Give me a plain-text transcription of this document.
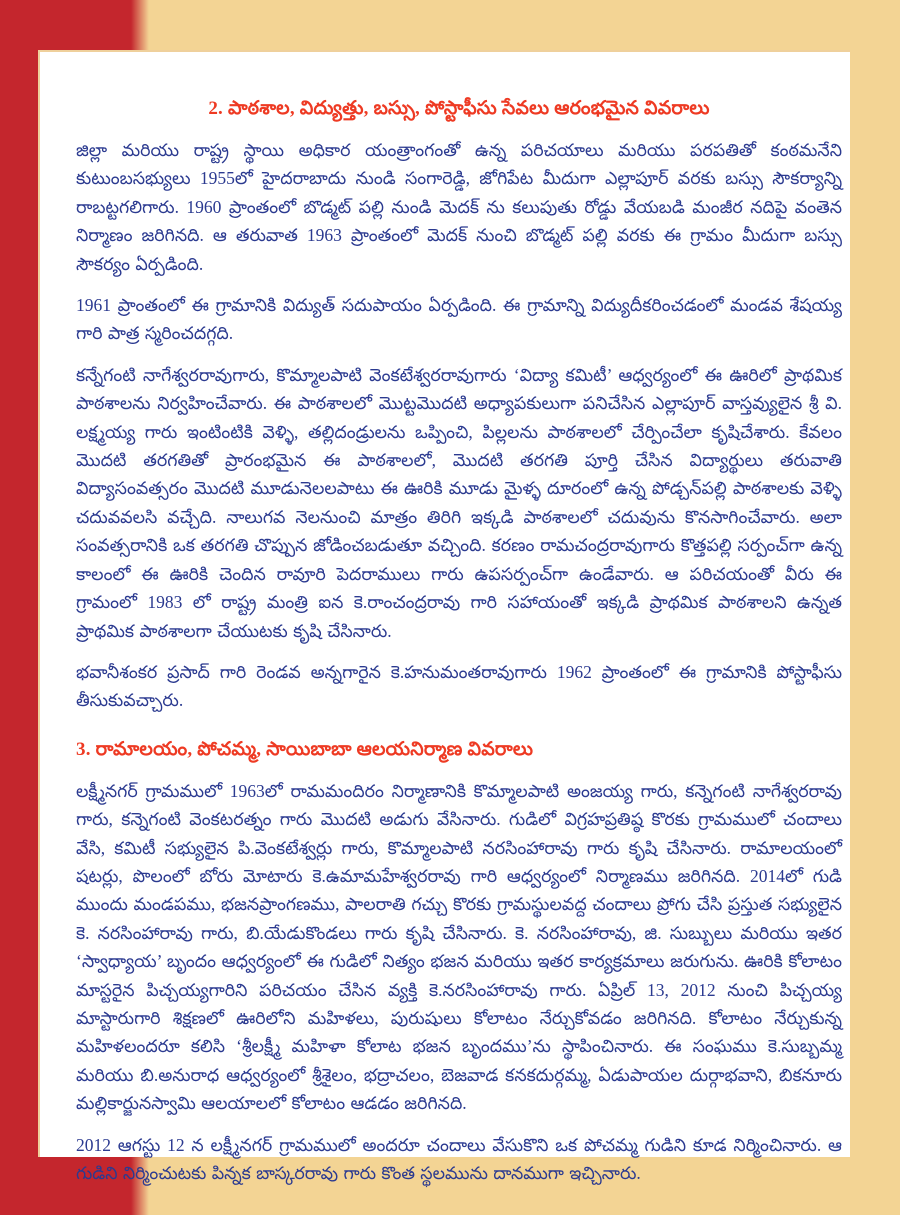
2. పాఠశాల, విద్యుత్తు, బస్సు, పోస్టాఫీసు సేవలు ఆరంభమైన వివరాలు

జిల్లా మరియు రాష్ట్ర స్థాయి అధికార యంత్రాంగంతో ఉన్న పరిచయాలు మరియు పరపతితో కంఠమనేని కుటుంబసభ్యులు 1955లో హైదరాబాదు నుండి సంగారెడ్డి, జోగిపేట మీదుగా ఎల్లాపూర్ వరకు బస్సు సౌకర్యాన్ని రాబట్టగలిగారు. 1960 ప్రాంతంలో బొడ్మట్ పల్లి నుండి మెదక్ ను కలుపుతు రోడ్డు వేయబడి మంజీర నదిపై వంతెన నిర్మాణం జరిగినది. ఆ తరువాత 1963 ప్రాంతంలో మెదక్ నుంచి బొడ్మట్ పల్లి వరకు ఈ గ్రామం మీదుగా బస్సు సౌకర్యం ఏర్పడింది.

1961 ప్రాంతంలో ఈ గ్రామానికి విద్యుత్ సదుపాయం ఏర్పడింది. ఈ గ్రామాన్ని విద్యుదీకరించడంలో మండవ శేషయ్య గారి పాత్ర స్మరించదగ్గది.

కన్నేగంటి నాగేశ్వరరావుగారు, కొమ్మాలపాటి వెంకటేశ్వరరావుగారు ‘విద్యా కమిటీ’ ఆధ్వర్యంలో ఈ ఊరిలో ప్రాథమిక పాఠశాలను నిర్వహించేవారు. ఈ పాఠశాలలో మొట్టమొదటి అధ్యాపకులుగా పనిచేసిన ఎల్లాపూర్ వాస్తవ్యులైన శ్రీ వి. లక్ష్మయ్య గారు ఇంటింటికి వెళ్ళి, తల్లిదండ్రులను ఒప్పించి, పిల్లలను పాఠశాలలో చేర్పించేలా కృషిచేశారు. కేవలం మొదటి తరగతితో ప్రారంభమైన ఈ పాఠశాలలో, మొదటి తరగతి పూర్తి చేసిన విద్యార్థులు తరువాతి విద్యాసంవత్సరం మొదటి మూడునెలలపాటు ఈ ఊరికి మూడు మైళ్ళ దూరంలో ఉన్న పోడ్చన్‌పల్లి పాఠశాలకు వెళ్ళి చదువవలసి వచ్చేది. నాలుగవ నెలనుంచి మాత్రం తిరిగి ఇక్కడి పాఠశాలలో చదువును కొనసాగించేవారు. అలా సంవత్సరానికి ఒక తరగతి చొప్పున జోడించబడుతూ వచ్చింది. కరణం రామచంద్రరావుగారు కొత్తపల్లి సర్పంచ్‌గా ఉన్న కాలంలో ఈ ఊరికి చెందిన రావూరి పెదరాములు గారు ఉపసర్పంచ్‌గా ఉండేవారు. ఆ పరిచయంతో వీరు ఈ గ్రామంలో 1983 లో రాష్ట్ర మంత్రి ఐన కె.రాంచంద్రరావు గారి సహాయంతో ఇక్కడి ప్రాథమిక పాఠశాలని ఉన్నత ప్రాథమిక పాఠశాలగా చేయుటకు కృషి చేసినారు.

భవానీశంకర ప్రసాద్ గారి రెండవ అన్నగారైన కె.హనుమంతరావుగారు 1962 ప్రాంతంలో ఈ గ్రామానికి పోస్టాఫీసు తీసుకువచ్చారు.

3. రామాలయం, పోచమ్మ, సాయిబాబా ఆలయనిర్మాణ వివరాలు

లక్ష్మీనగర్ గ్రామములో 1963లో రామమందిరం నిర్మాణానికి కొమ్మాలపాటి అంజయ్య గారు, కన్నెగంటి నాగేశ్వరరావు గారు, కన్నెగంటి వెంకటరత్నం గారు మొదటి అడుగు వేసినారు. గుడిలో విగ్రహప్రతిష్ఠ కొరకు గ్రామములో చందాలు వేసి, కమిటీ సభ్యులైన పి.వెంకటేశ్వర్లు గారు, కొమ్మాలపాటి నరసింహారావు గారు కృషి చేసినారు. రామాలయంలో షటర్లు, పొలంలో బోరు మోటారు కె.ఉమామహేశ్వరరావు గారి ఆధ్వర్యంలో నిర్మాణము జరిగినది. 2014లో గుడి ముందు మండపము, భజనప్రాంగణము, పాలరాతి గచ్చు కొరకు గ్రామస్థులవద్ద చందాలు ప్రోగు చేసి ప్రస్తుత సభ్యులైన కె. నరసింహారావు గారు, బి.యేడుకొండలు గారు కృషి చేసినారు. కె. నరసింహారావు, జి. సుబ్బులు మరియు ఇతర ‘స్వాధ్యాయ’ బృందం ఆధ్వర్యంలో ఈ గుడిలో నిత్యం భజన మరియు ఇతర కార్యక్రమాలు జరుగును. ఊరికి కోలాటం మాస్టరైన పిచ్చయ్యగారిని పరిచయం చేసిన వ్యక్తి కె.నరసింహారావు గారు. ఏప్రిల్ 13, 2012 నుంచి పిచ్చయ్య మాస్టారుగారి శిక్షణలో ఊరిలోని మహిళలు, పురుషులు కోలాటం నేర్చుకోవడం జరిగినది. కోలాటం నేర్చుకున్న మహిళలందరూ కలిసి ‘శ్రీలక్ష్మీ మహిళా కోలాట భజన బృందము’ను స్థాపించినారు. ఈ సంఘము కె.సుబ్బమ్మ మరియు బి.అనురాధ ఆధ్వర్యంలో శ్రీశైలం, భద్రాచలం, బెజవాడ కనకదుర్గమ్మ, ఏడుపాయల దుర్గాభవాని, బికనూరు మల్లికార్జునస్వామి ఆలయాలలో కోలాటం ఆడడం జరిగినది.

2012 ఆగస్టు 12 న లక్ష్మీనగర్ గ్రామములో అందరూ చందాలు వేసుకొని ఒక పోచమ్మ గుడిని కూడ నిర్మించినారు. ఆ గుడిని నిర్మించుటకు పిన్నక బాస్కరరావు గారు కొంత స్థలమును దానముగా ఇచ్చినారు.
